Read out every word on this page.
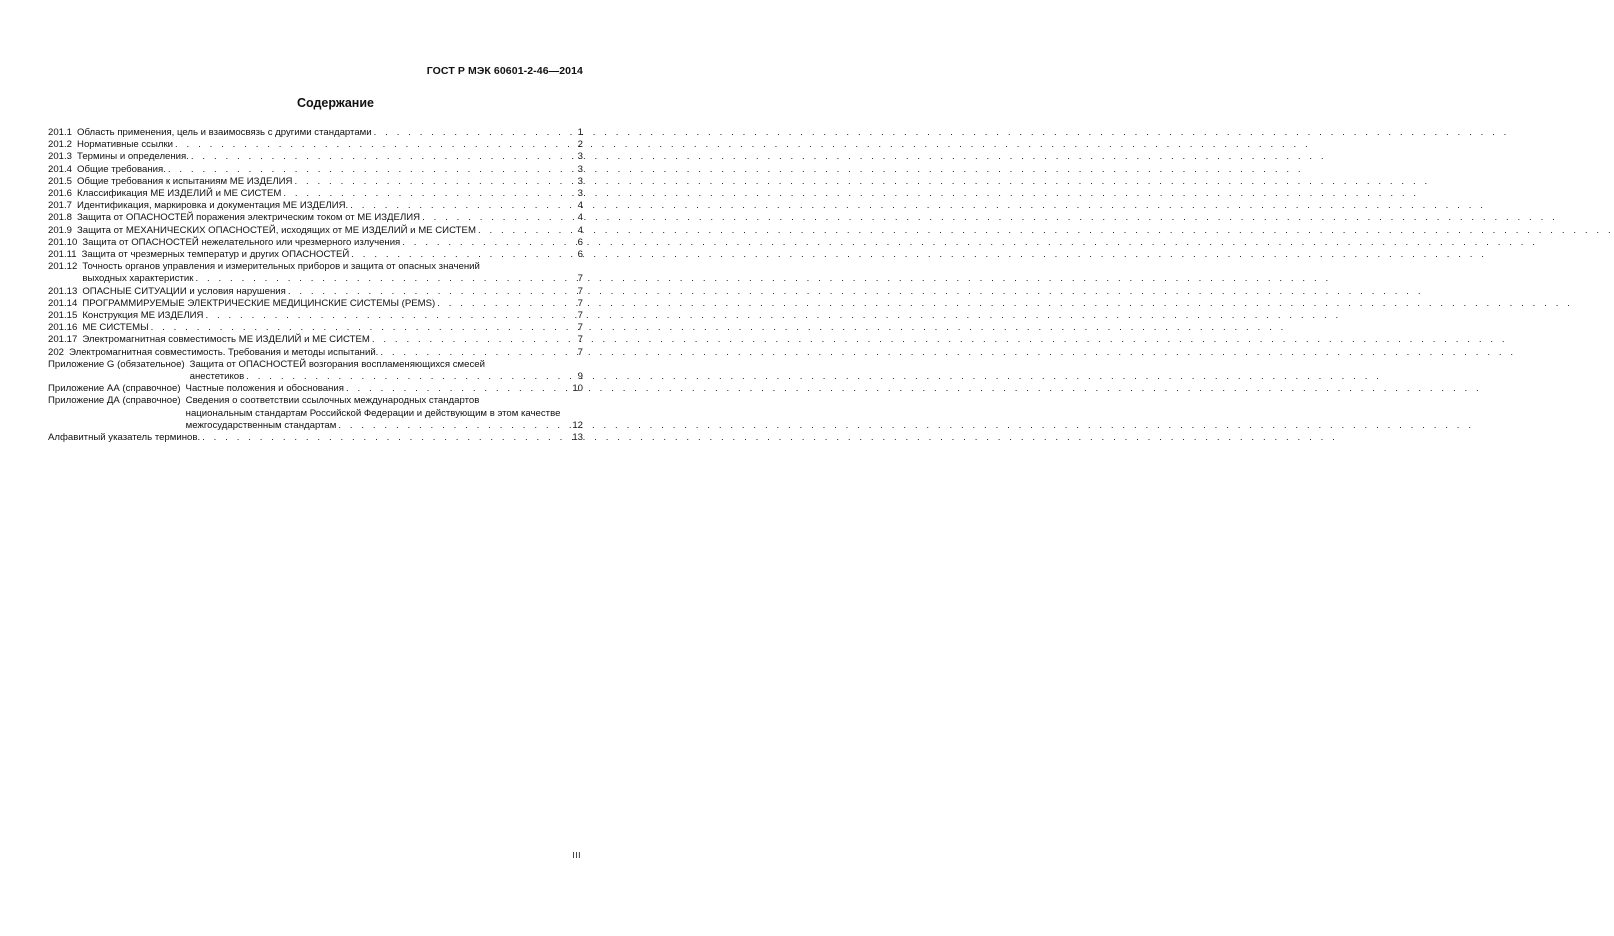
ГОСТ Р МЭК 60601-2-46—2014
Содержание
201.1 Область применения, цель и взаимосвязь с другими стандартами . . .	1
201.2 Нормативные ссылки . . .	2
201.3 Термины и определения. . . .	3
201.4 Общие требования. . . .	3
201.5 Общие требования к испытаниям МЕ ИЗДЕЛИЯ . . .	3
201.6 Классификация МЕ ИЗДЕЛИЙ и МЕ СИСТЕМ . . .	3
201.7 Идентификация, маркировка и документация МЕ ИЗДЕЛИЯ. . . .	4
201.8 Защита от ОПАСНОСТЕЙ поражения электрическим током от МЕ ИЗДЕЛИЯ . . .	4
201.9 Защита от МЕХАНИЧЕСКИХ ОПАСНОСТЕЙ, исходящих от МЕ ИЗДЕЛИЙ и МЕ СИСТЕМ . . .	4
201.10 Защита от ОПАСНОСТЕЙ нежелательного или чрезмерного излучения . . .	6
201.11 Защита от чрезмерных температур и других ОПАСНОСТЕЙ . . .	6
201.12 Точность органов управления и измерительных приборов и защита от опасных значений
выходных характеристик . . .	7
201.13 ОПАСНЫЕ СИТУАЦИИ и условия нарушения . . .	7
201.14 ПРОГРАММИРУЕМЫЕ ЭЛЕКТРИЧЕСКИЕ МЕДИЦИНСКИЕ СИСТЕМЫ (PEMS) . . .	7
201.15 Конструкция МЕ ИЗДЕЛИЯ . . .	7
201.16 МЕ СИСТЕМЫ . . .	7
201.17 Электромагнитная совместимость МЕ ИЗДЕЛИЙ и МЕ СИСТЕМ . . .	7
202 Электромагнитная совместимость. Требования и методы испытаний. . . .	7
Приложение G (обязательное) Защита от ОПАСНОСТЕЙ возгорания воспламеняющихся смесей
анестетиков . . .	9
Приложение АА (справочное) Частные положения и обоснования . . .	10
Приложение ДА (справочное) Сведения о соответствии ссылочных международных стандартов
национальным стандартам Российской Федерации и действующим в этом качестве
межгосударственным стандартам . . .	12
Алфавитный указатель терминов. . . .	13
III
